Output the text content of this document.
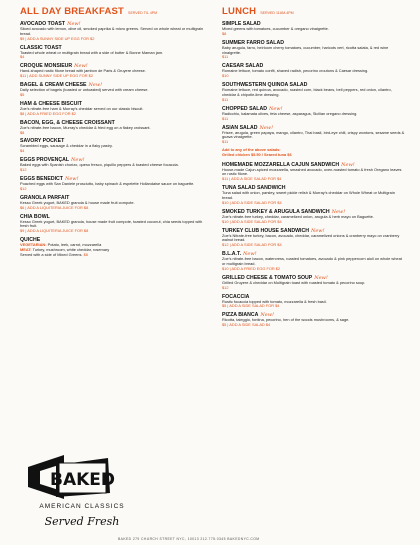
ALL DAY BREAKFAST SERVED TIL 4PM
AVOCADO TOAST New!
Sliced avocado with lemon, olive oil, smoked paprika & micro greens. Served on whole wheat or multigrain bread.
$9 | ADD A SUNNY SIDE UP EGG FOR $2
CLASSIC TOAST
Toasted whole wheat or multigrain bread with a side of butter & Bonne Maman jam.
$4
CROQUE MONSIEUR New!
Hand-shaped rustic filone bread with jambon de Paris & Gruyere cheese.
$11 | ADD SUNNY SIDE UP EGG FOR $2
BAGEL & CREAM CHEESE New!
Daily selection of bagels (toasted or untoasted) served with cream cheese.
$5
HAM & CHEESE BISCUIT
Zoe's nitrate-free ham & Murray's cheddar served on our classic biscuit.
$8 | ADD A FRIED EGG FOR $2
BACON, EGG, & CHEESE CROISSANT
Zoe's nitrate-free bacon, Murray's cheddar & fried egg on a flakey croissant.
$8
SAVORY POCKET
Scrambled eggs, sausage & cheddar in a flaky pastry.
$4
EGGS PROVENÇAL New!
Baked eggs with Spanish chorizo, queso fresco, piquillo peppers & toasted cheese focaccia.
$12
EGGS BENEDICT New!
Poached eggs with San Daniele prosciutto, baby spinach & espelette Hollandaise sauce on baguette.
$12
GRANOLA PARFAIT
Kesso Greek yogurt, BAKED granola & house made fruit compote.
$6 | ADD A LIQUITERIA JUICE FOR $8
CHIA BOWL
Kesso Greek yogurt, BAKED granola, house made fruit compote, toasted coconut, chia seeds topped with fresh fruit.
$9 | ADD A LIQUITERIA JUICE FOR $8
QUICHE
VEGETARIAN: Potato, leek, carrot, mozzarella
MEAT: Turkey, mushroom, white cheddar, rosemary
Served with a side of Mixed Greens. $8
LUNCH SERVED 11AM-4PM
SIMPLE SALAD
Mixed greens with tomatoes, cucumber & oregano vinaigrette.
$8
SUMMER FARRO SALAD
Baby arugula, farro, heirloom cherry tomatoes, cucumber, haricots vert, ricotta salata, & red wine vinaigrette.
$11
CAESAR SALAD
Romaine lettuce, tomato confit, shaved radish, pecorino croutons & Caesar dressing.
$10
SOUTHWESTERN QUINOA SALAD
Romaine lettuce, red quinoa, avocado, roasted corn, black beans, bell peppers, red onion, cilantro, cheddar & chipotle-lime dressing.
$11
CHOPPED SALAD New!
Radicchio, kalamata olives, feta cheese, asparagus, Sicilian oregano dressing.
$11
ASIAN SALAD New!
Frisee, arugula, green papaya, mango, cilantro, Thai basil, bird-eye chili, crispy wontons, sesame seeds & guava vinaigrette.
$11
Add to any of the above salads:
Grilled chicken $5.50 / Seared tuna $6
HOMEMADE MOZZARELLA CAJUN SANDWICH New!
House-made Cajun-spiced mozzarella, smashed avocado, oven-roasted tomato & fresh Oregano leaves on rustic filone.
$11 | ADD A SIDE SALAD FOR $4
TUNA SALAD SANDWICH
Tuna salad with onion, parsley, sweet pickle relish & Murray's cheddar on Whole Wheat or Multigrain bread.
$10 | ADD A SIDE SALAD FOR $4
SMOKED TURKEY & ARUGULA SANDWICH New!
Zoe's nitrate-free turkey, cheddar, caramelized onion, arugula & herb mayo on Baguette.
$10 | ADD A SIDE SALAD FOR $4
TURKEY CLUB HOUSE SANDWICH New!
Zoe's Nitrate-free turkey, bacon, avocado, cheddar, caramelized onions & cranberry mayo on cranberry walnut bread.
$12 | ADD A SIDE SALAD FOR $4
B.L.A.T. New!
Zoe's nitrate-free bacon, watercress, roasted tomatoes, avocado & pink peppercorn aioli on whole wheat or multigrain bread.
$10 | ADD A FRIED EGG FOR $2
GRILLED CHEESE & TOMATO SOUP New!
Grilled Gruyere & cheddar on Multigrain toast with roasted tomato & pecorino soup.
$12
FOCACCIA
Rustic focaccia topped with tomato, mozzarella & fresh basil.
$5 | ADD A SIDE SALAD FOR $4
PIZZA BIANCA New!
Ricotta, taleggio, fontina, pecorino, hen of the woods mushrooms, & sage.
$5 | ADD A SIDE SALAD $4
BAKED
AMERICAN CLASSICS
Served Fresh
BAKED 279 CHURCH STREET NYC, 10013 212.775.0345 BAKEDNYC.COM
